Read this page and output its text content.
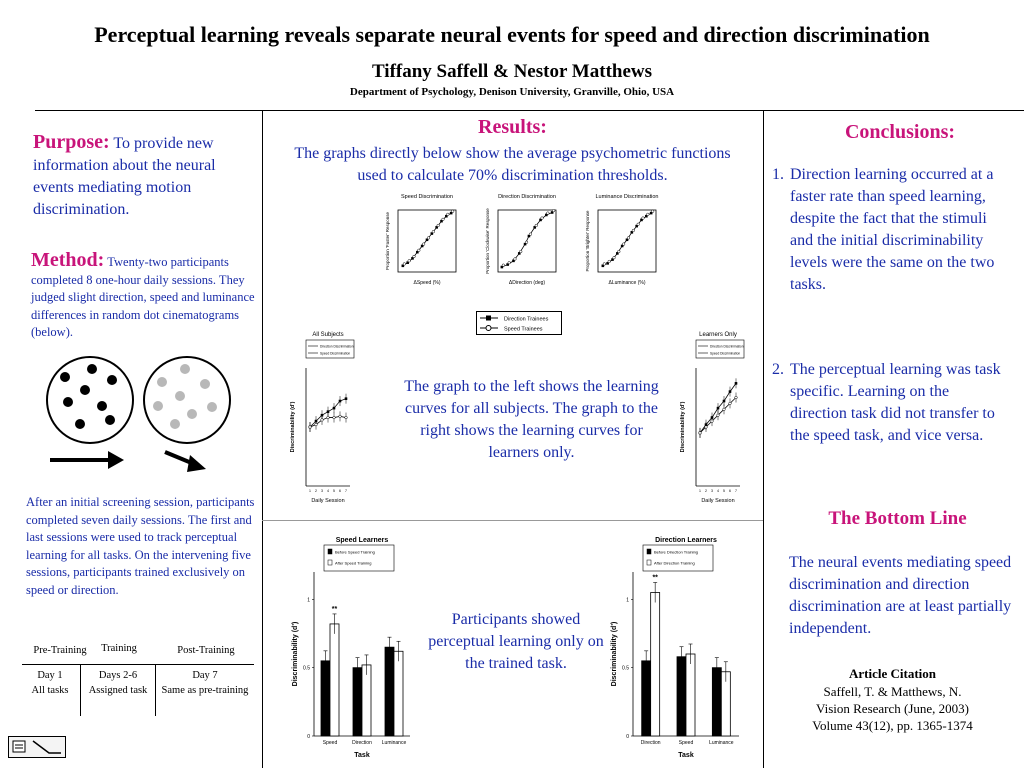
Perceptual learning reveals separate neural events for speed and direction discrimination
Tiffany Saffell & Nestor Matthews
Department of Psychology, Denison University, Granville, Ohio, USA
Purpose: To provide new information about the neural events mediating motion discrimination.
Method: Twenty-two participants completed 8 one-hour daily sessions. They judged slight direction, speed and luminance differences in random dot cinematograms (below).
After an initial screening session, participants completed seven daily sessions. The first and last sessions were used to track perceptual learning for all tasks. On the intervening five sessions, participants trained exclusively on speed or direction.
Pre-Training	Training	Post-Training
Day 1	Days 2-6	Day 7
All tasks	Assigned task	Same as pre-training
Results:
The graphs directly below show the average psychometric functions used to calculate 70% discrimination thresholds.
Speed Discrimination
ΔSpeed (%)
Proportion 'Faster' Response
Direction Discrimination
ΔDirection (deg)
Proportion 'Clockwise' Response
Luminance Discrimination
ΔLuminance (%)
Proportion 'Brighter' Response
Direction Trainees
Speed Trainees
All Subjects
Direction Discrimination
Speed Discrimination
1 2 3 4 5 6 7
Daily Session
Discriminability (d')
Learners Only
Direction Discrimination
Speed Discrimination
1 2 3 4 5 6 7
Daily Session
Discriminability (d')
The graph to the left shows the learning curves for all subjects. The graph to the right shows the learning curves for learners only.
Speed Learners
Before Speed Training
After Speed Training
0
0.5
1
Speed	Direction Luminance
**
Task
Discriminability (d')
Direction Learners
Before Direction Training
After Direction Training
0
0.5
1
Direction	Speed	Luminance
**
Task
Discriminability (d')
Participants showed perceptual learning only on the trained task.
Conclusions:
1. Direction learning occurred at a faster rate than speed learning, despite the fact that the stimuli and the initial discriminability levels were the same on the two tasks.
2. The perceptual learning was task specific. Learning on the direction task did not transfer to the speed task, and vice versa.
The Bottom Line
The neural events mediating speed discrimination and direction discrimination are at least partially independent.
Article Citation
Saffell, T. & Matthews, N.
Vision Research (June, 2003)
Volume 43(12), pp. 1365-1374
